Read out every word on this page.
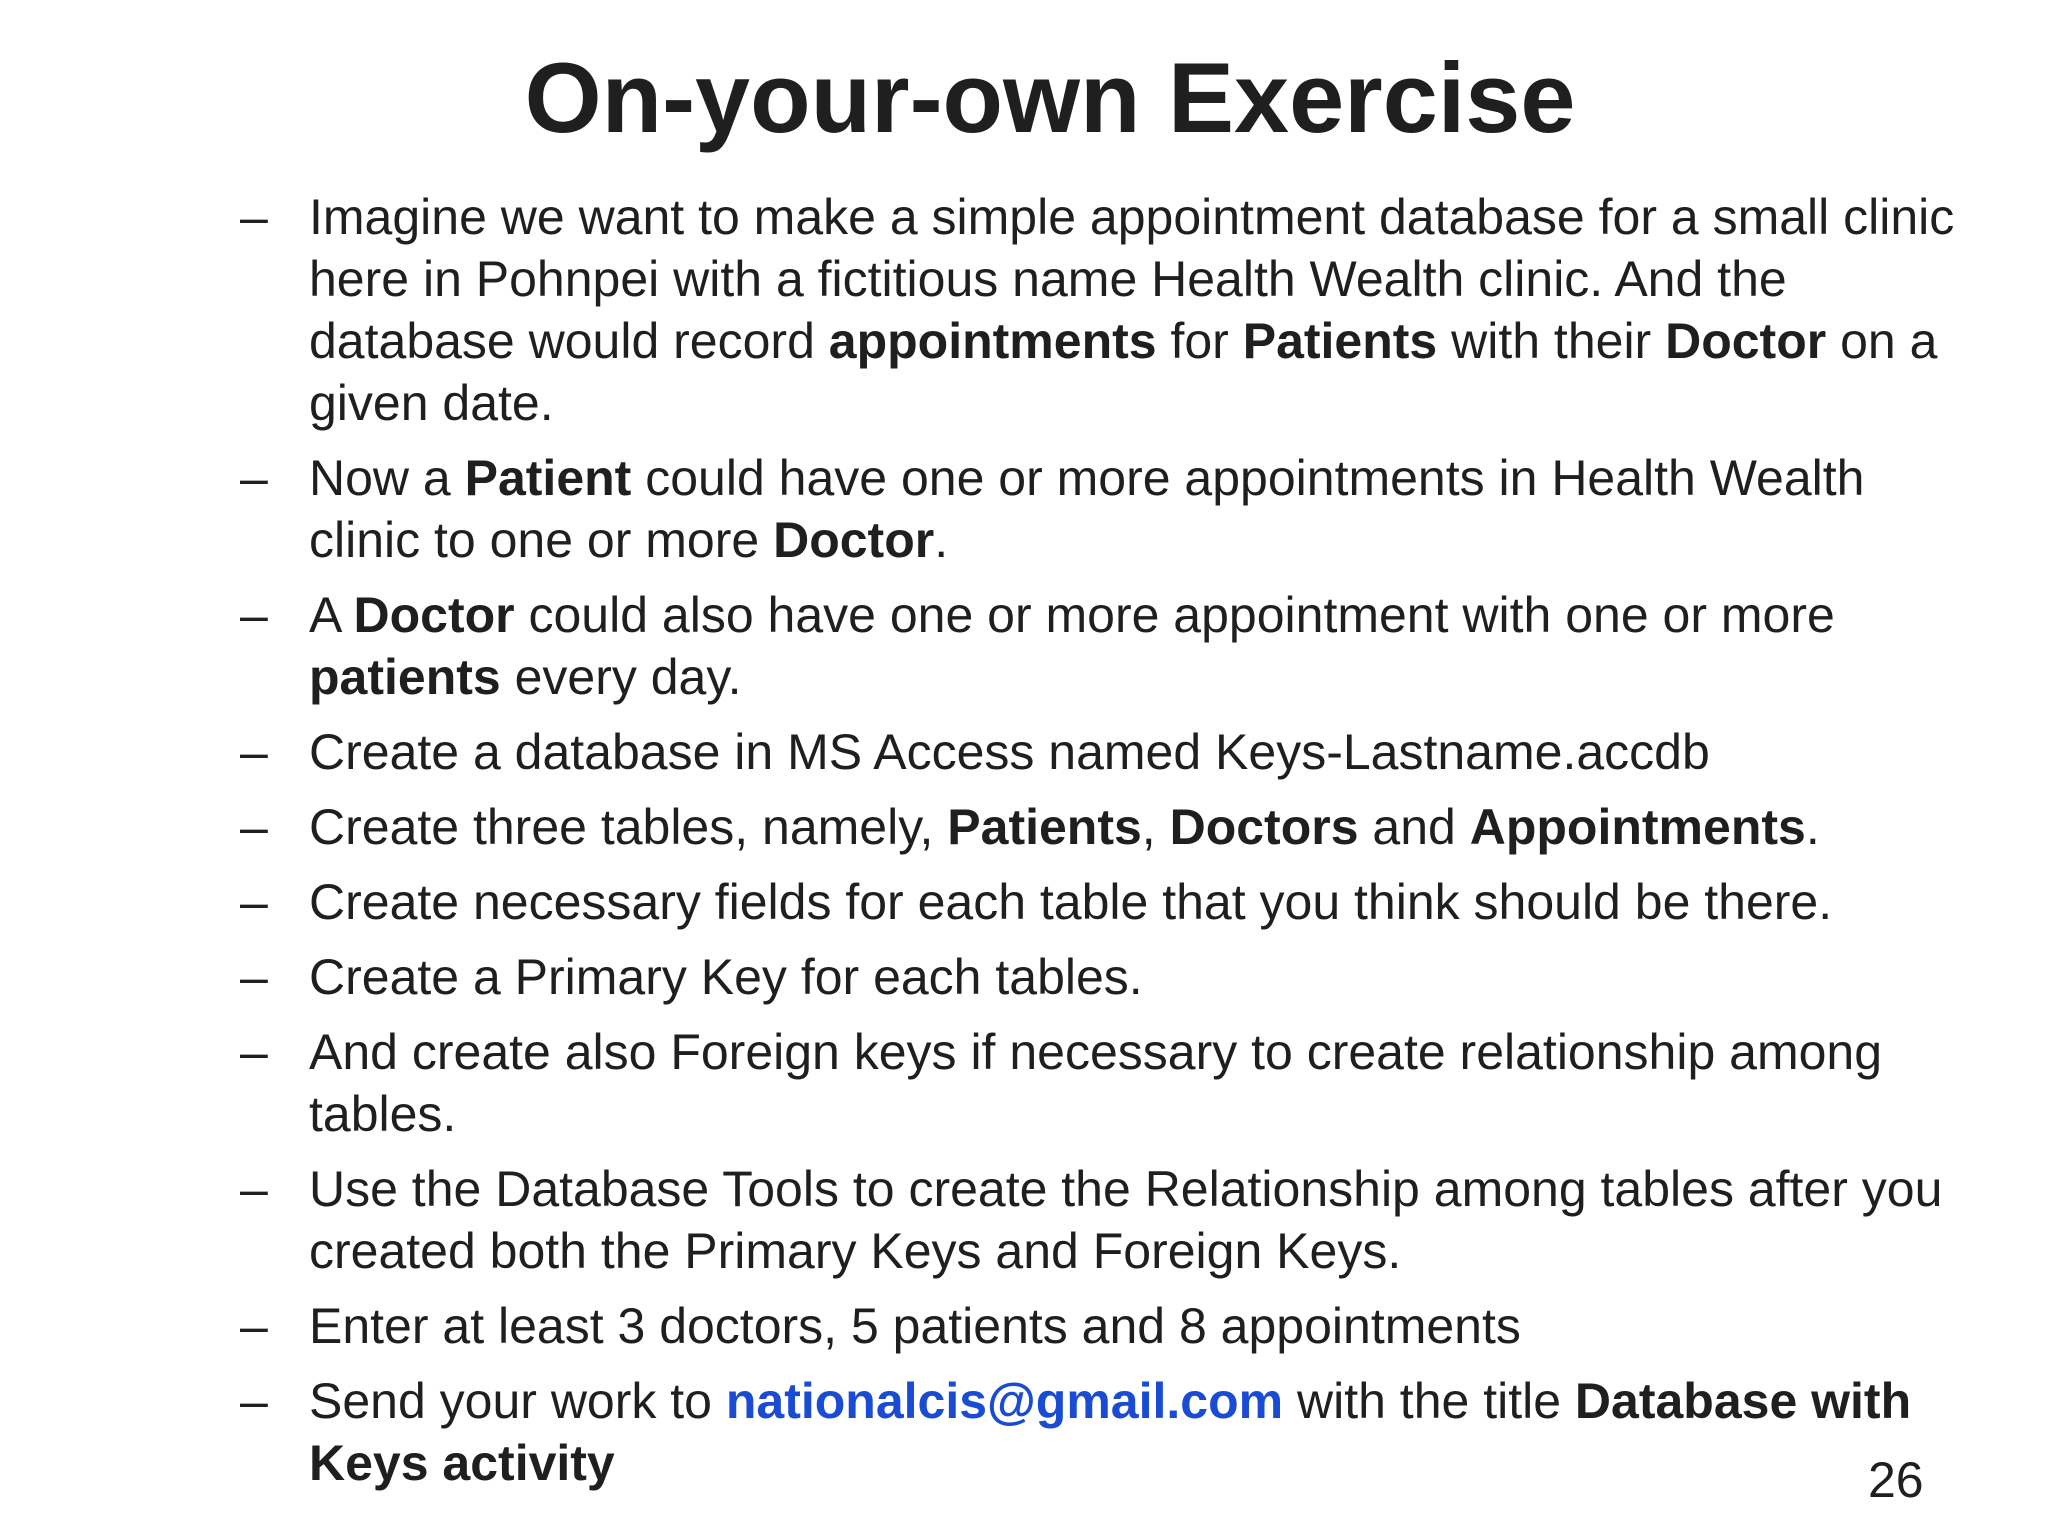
On-your-own Exercise
– Imagine we want to make a simple appointment database for a small clinic here in Pohnpei with a fictitious name Health Wealth clinic. And the database would record appointments for Patients with their Doctor on a given date.
– Now a Patient could have one or more appointments in Health Wealth clinic to one or more Doctor.
– A Doctor could also have one or more appointment with one or more patients every day.
– Create a database in MS Access named Keys-Lastname.accdb
– Create three tables, namely, Patients, Doctors and Appointments.
– Create necessary fields for each table that you think should be there.
– Create a Primary Key for each tables.
– And create also Foreign keys if necessary to create relationship among tables.
– Use the Database Tools to create the Relationship among tables after you created both the Primary Keys and Foreign Keys.
– Enter at least 3 doctors, 5 patients and 8 appointments
– Send your work to nationalcis@gmail.com with the title Database with Keys activity	26
